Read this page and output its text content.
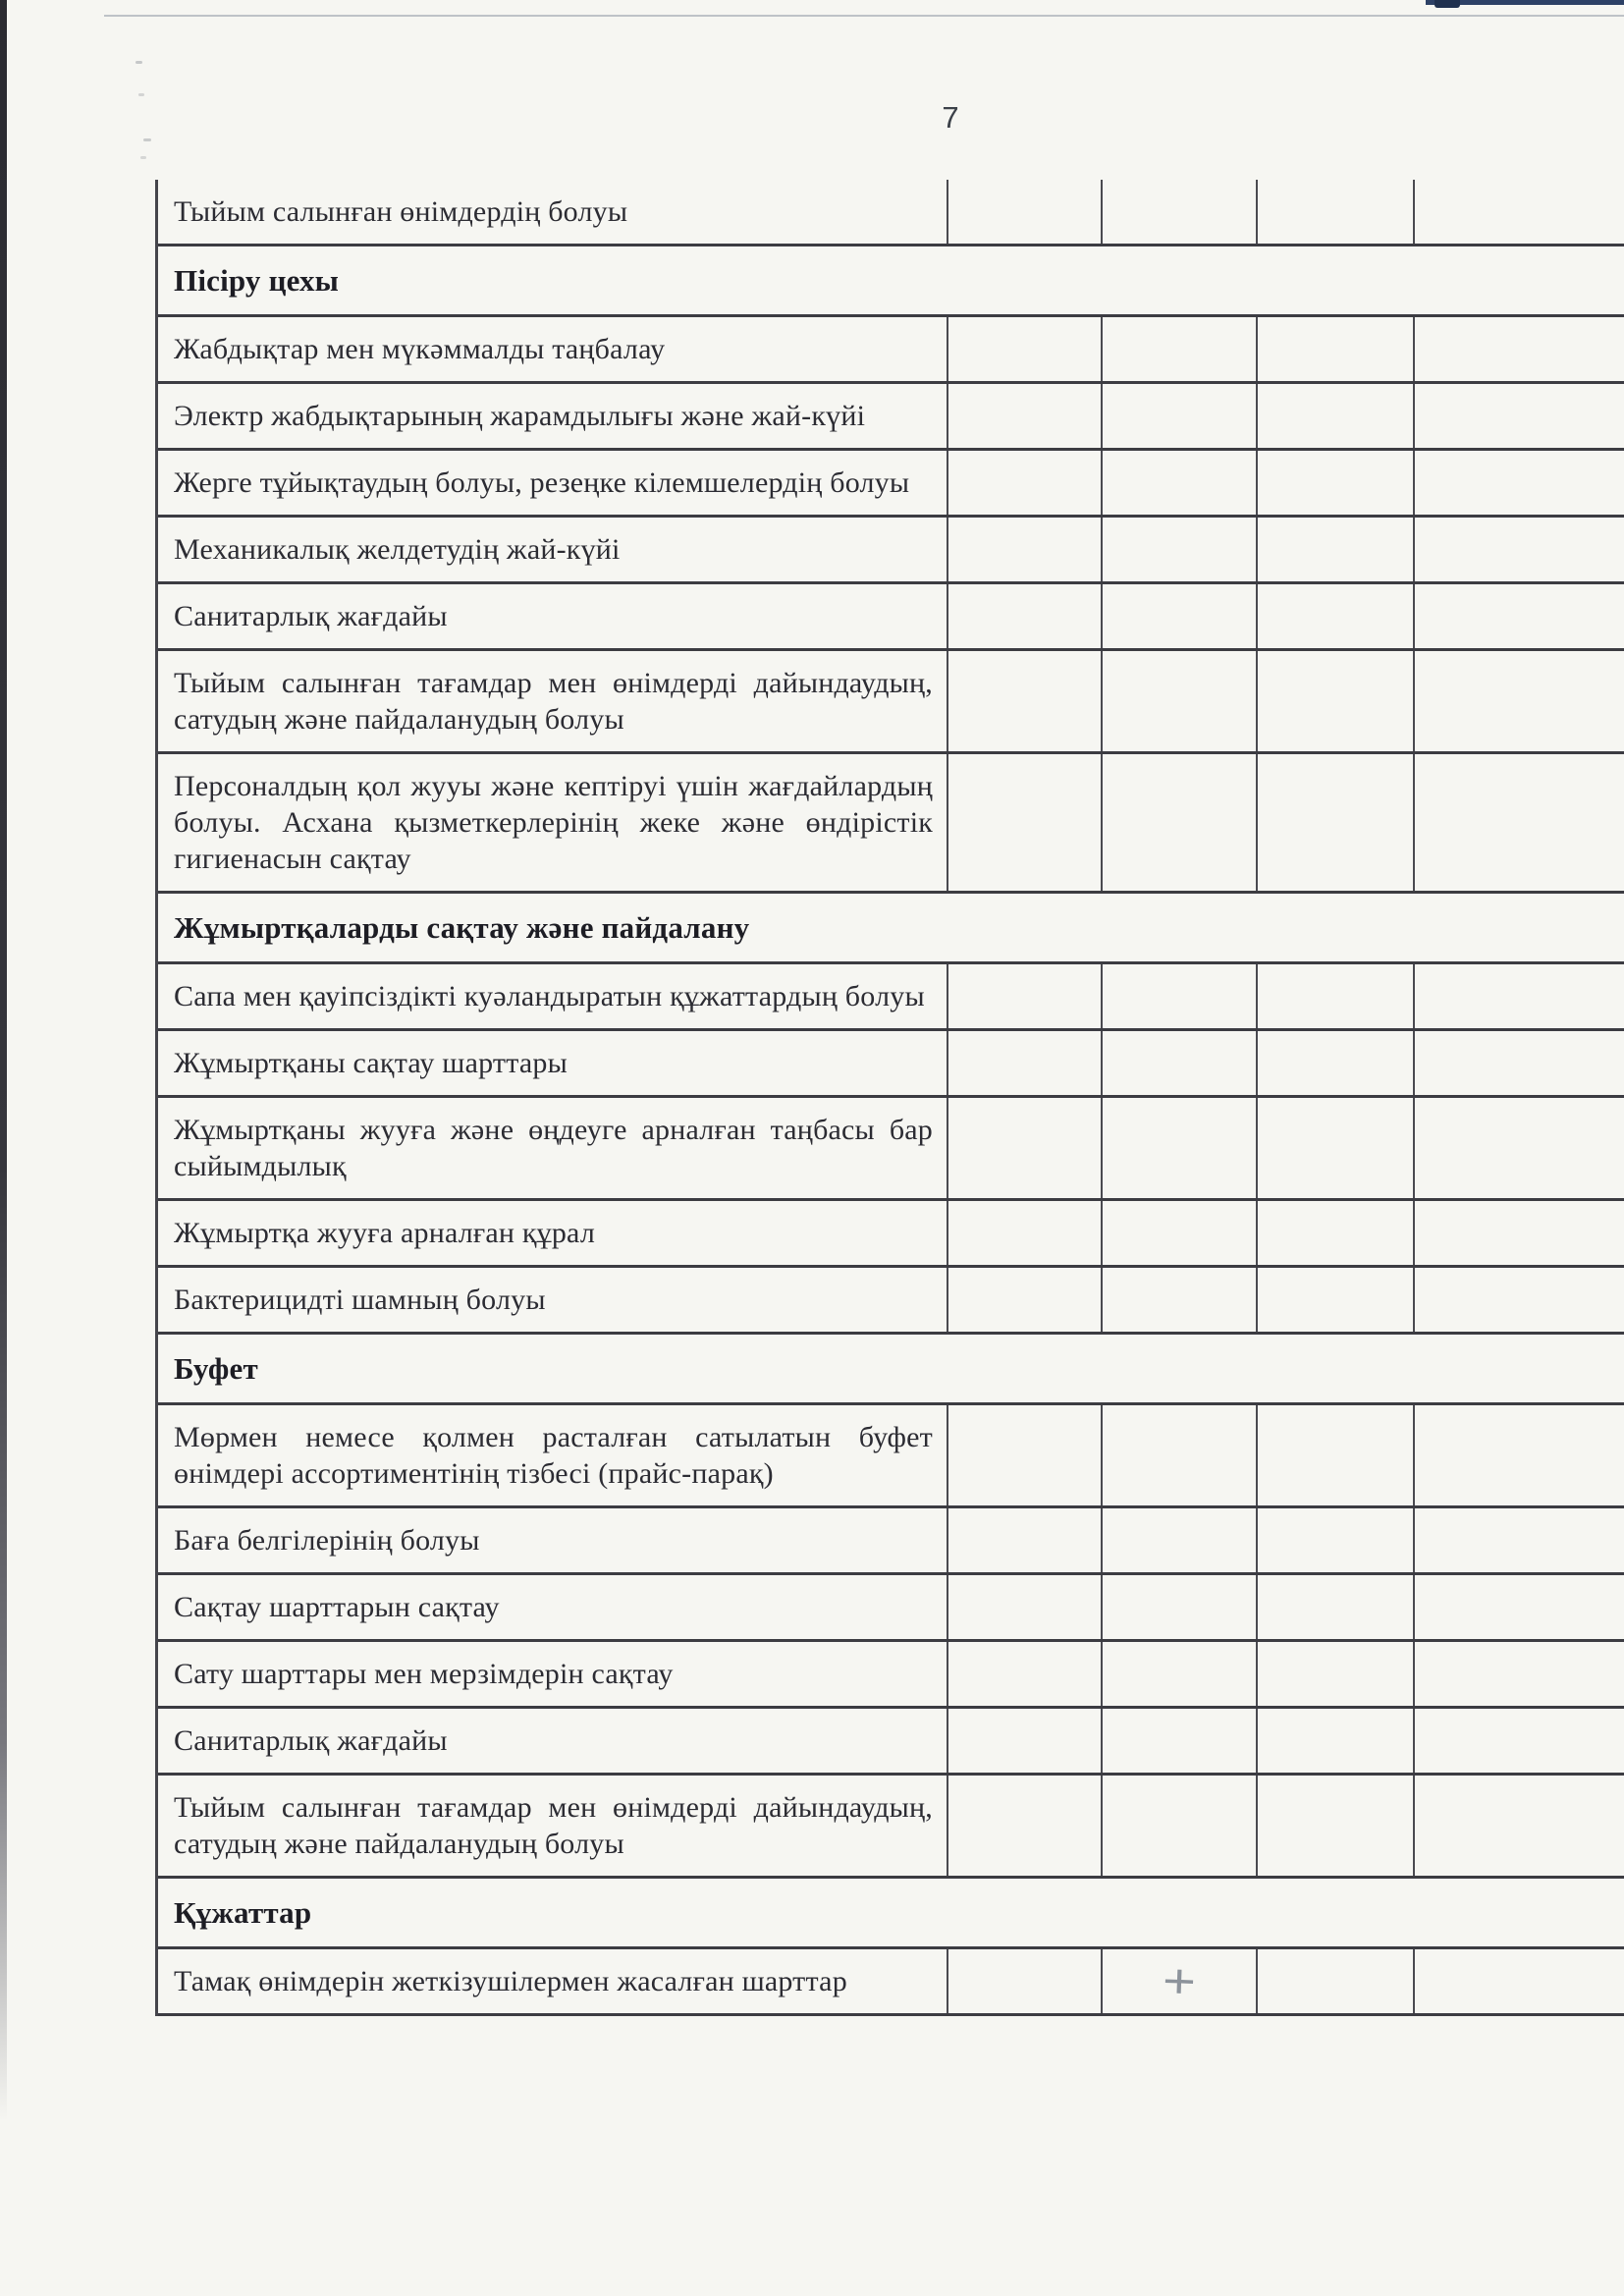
7
Тыйым салынған өнімдердің болуы
Пісіру цехы
Жабдықтар мен мүкәммалды таңбалау
Электр жабдықтарының жарамдылығы және жай-күйі
Жерге тұйықтаудың болуы, резеңке кілемшелердің болуы
Механикалық желдетудің жай-күйі
Санитарлық жағдайы
Тыйым салынған тағамдар мен өнімдерді дайындаудың, сатудың және пайдаланудың болуы
Персоналдың қол жууы және кептіруі үшін жағдайлардың болуы. Асхана қызметкерлерінің жеке және өндірістік гигиенасын сақтау
Жұмыртқаларды сақтау және пайдалану
Сапа мен қауіпсіздікті куәландыратын құжаттардың болуы
Жұмыртқаны сақтау шарттары
Жұмыртқаны жууға және өңдеуге арналған таңбасы бар сыйымдылық
Жұмыртқа жууға арналған құрал
Бактерицидті шамның болуы
Буфет
Мөрмен немесе қолмен расталған сатылатын буфет өнімдері ассортиментінің тізбесі (прайс-парақ)
Баға белгілерінің болуы
Сақтау шарттарын сақтау
Сату шарттары мен мерзімдерін сақтау
Санитарлық жағдайы
Тыйым салынған тағамдар мен өнімдерді дайындаудың, сатудың және пайдаланудың болуы
Құжаттар
Тамақ өнімдерін жеткізушілермен жасалған шарттар	+
